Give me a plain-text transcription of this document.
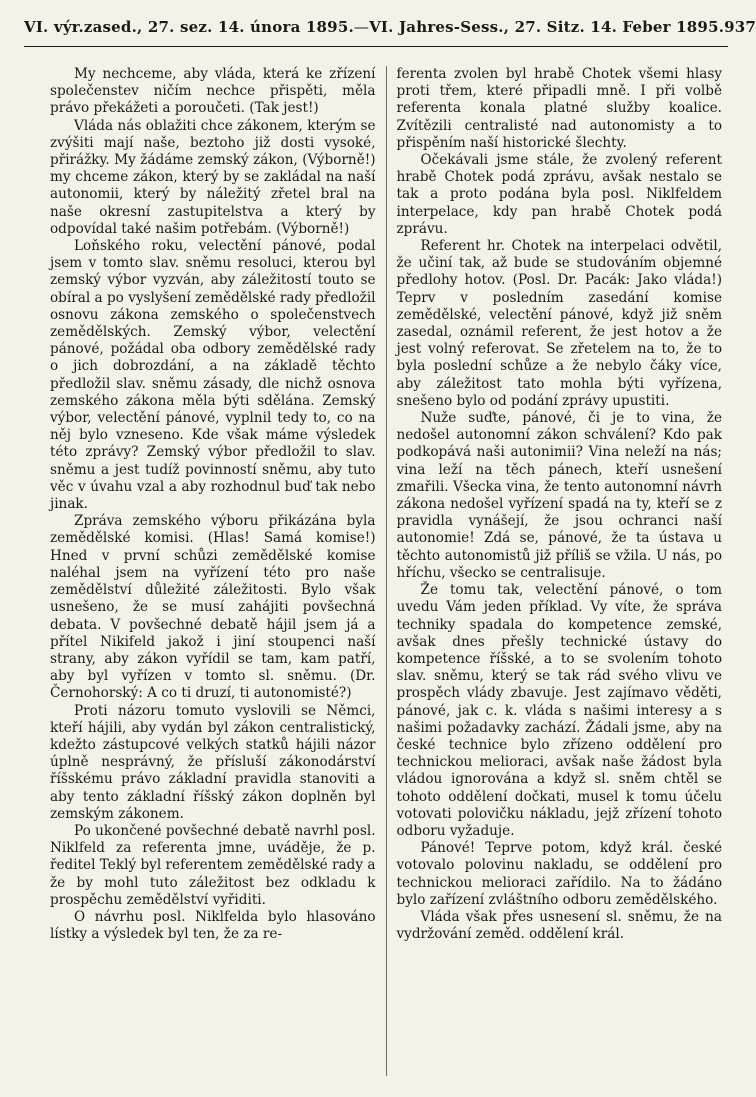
VI. výr.zased., 27. sez. 14. února 1895. — VI. Jahres-Sess., 27. Sitz. 14. Feber 1895. 937

My nechceme, aby vláda, která ke zřízení společenstev ničím nechce přispěti, měla právo překážeti a poroučeti. (Tak jest!)

Vláda nás oblažiti chce zákonem, kterým se zvýšiti mají naše, beztoho již dosti vysoké, přirážky. My žádáme zemský zákon, (Výborně!) my chceme zákon, který by se zakládal na naší autonomii, který by náležitý zřetel bral na naše okresní zastupitelstva a který by odpovídal také našim potřebám. (Výborně!)

Loňského roku, velectění pánové, podal jsem v tomto slav. sněmu resoluci, kterou byl zemský výbor vyzván, aby záležitostí touto se obíral a po vyslyšení zemědělské rady předložil osnovu zákona zemského o společenstvech zemědělských. Zemský výbor, velectění pánové, požádal oba odbory zemědělské rady o jich dobrozdání, a na základě těchto předložil slav. sněmu zásady, dle nichž osnova zemského zákona měla býti sdělána. Zemský výbor, velectění pánové, vyplnil tedy to, co na něj bylo vzneseno. Kde však máme výsledek této zprávy? Zemský výbor předložil to slav. sněmu a jest tudíž povinností sněmu, aby tuto věc v úvahu vzal a aby rozhodnul buď tak nebo jinak.

Zpráva zemského výboru přikázána byla zemědělské komisi. (Hlas! Samá komise!) Hned v první schůzi zemědělské komise naléhal jsem na vyřízení této pro naše zemědělství důležité záležitosti. Bylo však usnešeno, že se musí zahájiti povšechná debata. V povšechné debatě hájil jsem já a přítel Nikifeld jakož i jiní stoupenci naší strany, aby zákon vyřídil se tam, kam patří, aby byl vyřízen v tomto sl. sněmu. (Dr. Černohorský: A co ti druzí, ti autonomisté?)

Proti názoru tomuto vyslovili se Němci, kteří hájili, aby vydán byl zákon centralistický, kdežto zástupcové velkých statků hájili názor úplně nesprávný, že přísluší zákonodárství říšskému právo základní pravidla stanoviti a aby tento základní říšský zákon doplněn byl zemským zákonem.

Po ukončené povšechné debatě navrhl posl. Niklfeld za referenta jmne, uváděje, že p. ředitel Teklý byl referentem zemědělské rady a že by mohl tuto záležitost bez odkladu k prospěchu zemědělství vyřiditi.

O návrhu posl. Niklfelda bylo hlasováno lístky a výsledek byl ten, že za re-

ferenta zvolen byl hrabě Chotek všemi hlasy proti třem, které připadli mně. I při volbě referenta konala platné služby koalice. Zvítězili centralisté nad autonomisty a to přispěním naší historické šlechty.

Očekávali jsme stále, že zvolený referent hrabě Chotek podá zprávu, avšak nestalo se tak a proto podána byla posl. Niklfeldem interpelace, kdy pan hrabě Chotek podá zprávu.

Referent hr. Chotek na interpelaci odvětil, že učiní tak, až bude se studováním objemné předlohy hotov. (Posl. Dr. Pacák: Jako vláda!) Teprv v posledním zasedání komise zemědělské, velectění pánové, když již sněm zasedal, oznámil referent, že jest hotov a že jest volný referovat. Se zřetelem na to, že to byla poslední schůze a že nebylo čáky více, aby záležitost tato mohla býti vyřízena, snešeno bylo od podání zprávy upustiti.

Nuže suďte, pánové, či je to vina, že nedošel autonomní zákon schválení? Kdo pak podkopává naši autonimii? Vina neleží na nás; vina leží na těch pánech, kteří usnešení zmařili. Všecka vina, že tento autonomní návrh zákona nedošel vyřízení spadá na ty, kteří se z pravidla vynášejí, že jsou ochranci naší autonomie! Zdá se, pánové, že ta ústava u těchto autonomistů již příliš se vžila. U nás, po hříchu, všecko se centralisuje.

Že tomu tak, velectění pánové, o tom uvedu Vám jeden příklad. Vy víte, že správa techniky spadala do kompetence zemské, avšak dnes přešly technické ústavy do kompetence říšské, a to se svolením tohoto slav. sněmu, který se tak rád svého vlivu ve prospěch vlády zbavuje. Jest zajímavo věděti, pánové, jak c. k. vláda s našimi interesy a s našimi požadavky zachází. Žádali jsme, aby na české technice bylo zřízeno oddělení pro technickou melioraci, avšak naše žádost byla vládou ignorována a když sl. sněm chtěl se tohoto oddělení dočkati, musel k tomu účelu votovati polovičku nákladu, jejž zřízení tohoto odboru vyžaduje.

Pánové! Teprve potom, když král. české votovalo polovinu nakladu, se oddělení pro technickou melioraci zařídilo. Na to žádáno bylo zařízení zvláštního odboru zemědělského.

Vláda však přes usnesení sl. sněmu, že na vydržování zeměd. oddělení král.
